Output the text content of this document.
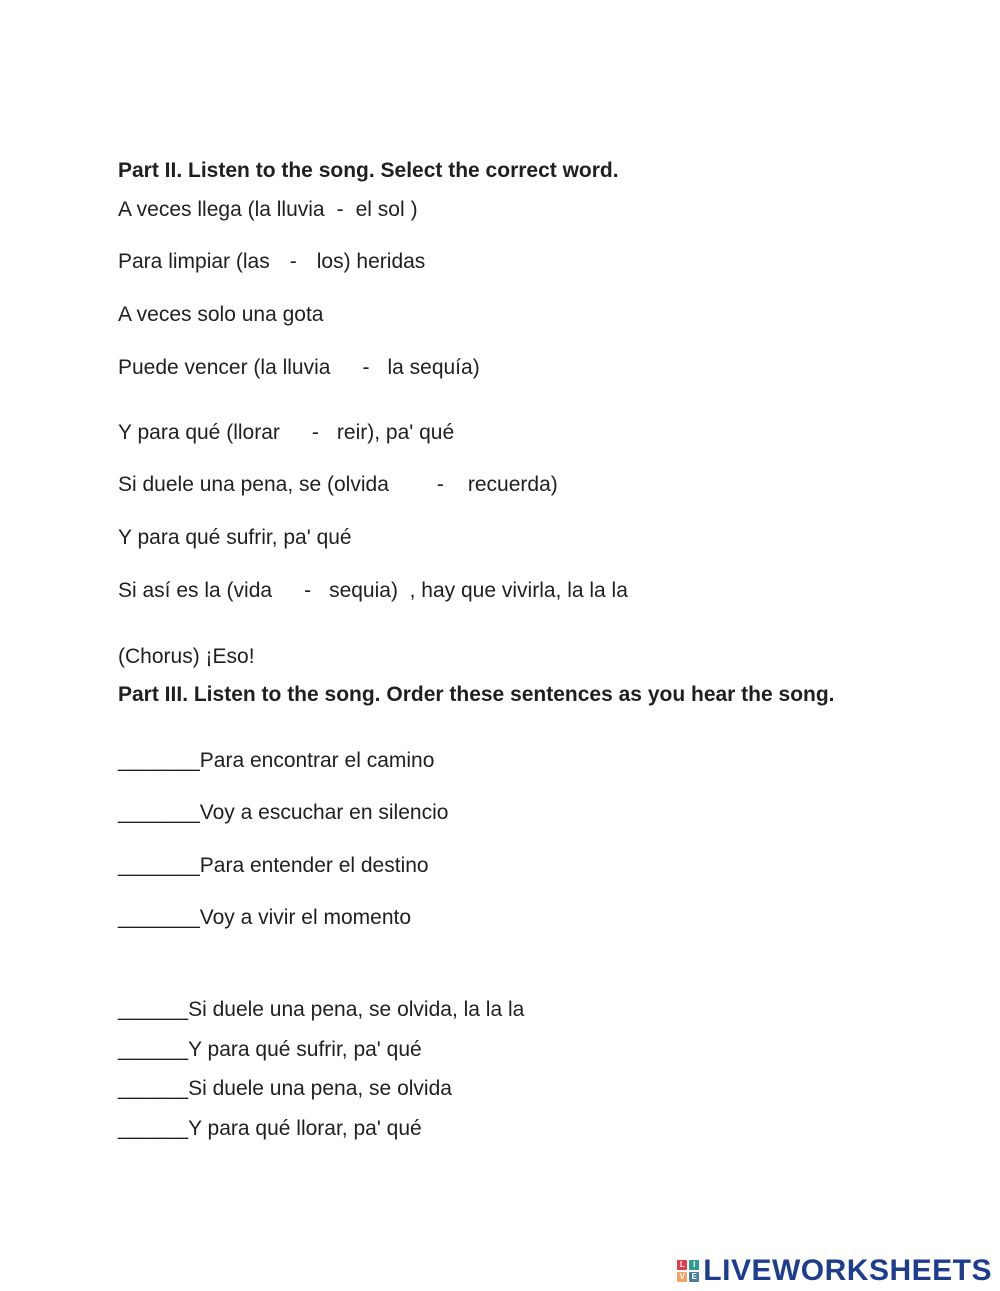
Part II. Listen to the song. Select the correct word.
A veces llega (la lluvia - el sol )
Para limpiar (las - los) heridas
A veces solo una gota
Puede vencer (la lluvia - la sequía)
Y para qué (llorar - reir), pa' qué
Si duele una pena, se (olvida - recuerda)
Y para qué sufrir, pa' qué
Si así es la (vida - sequia)  , hay que vivirla, la la la
(Chorus) ¡Eso!
Part III. Listen to the song. Order these sentences as you hear the song.
_______Para encontrar el camino
_______Voy a escuchar en silencio
_______Para entender el destino
_______Voy a vivir el momento
______Si duele una pena, se olvida, la la la
______Y para qué sufrir, pa' qué
______Si duele una pena, se olvida
______Y para qué llorar, pa' qué
L	I
V E LIVEWORKSHEETS
